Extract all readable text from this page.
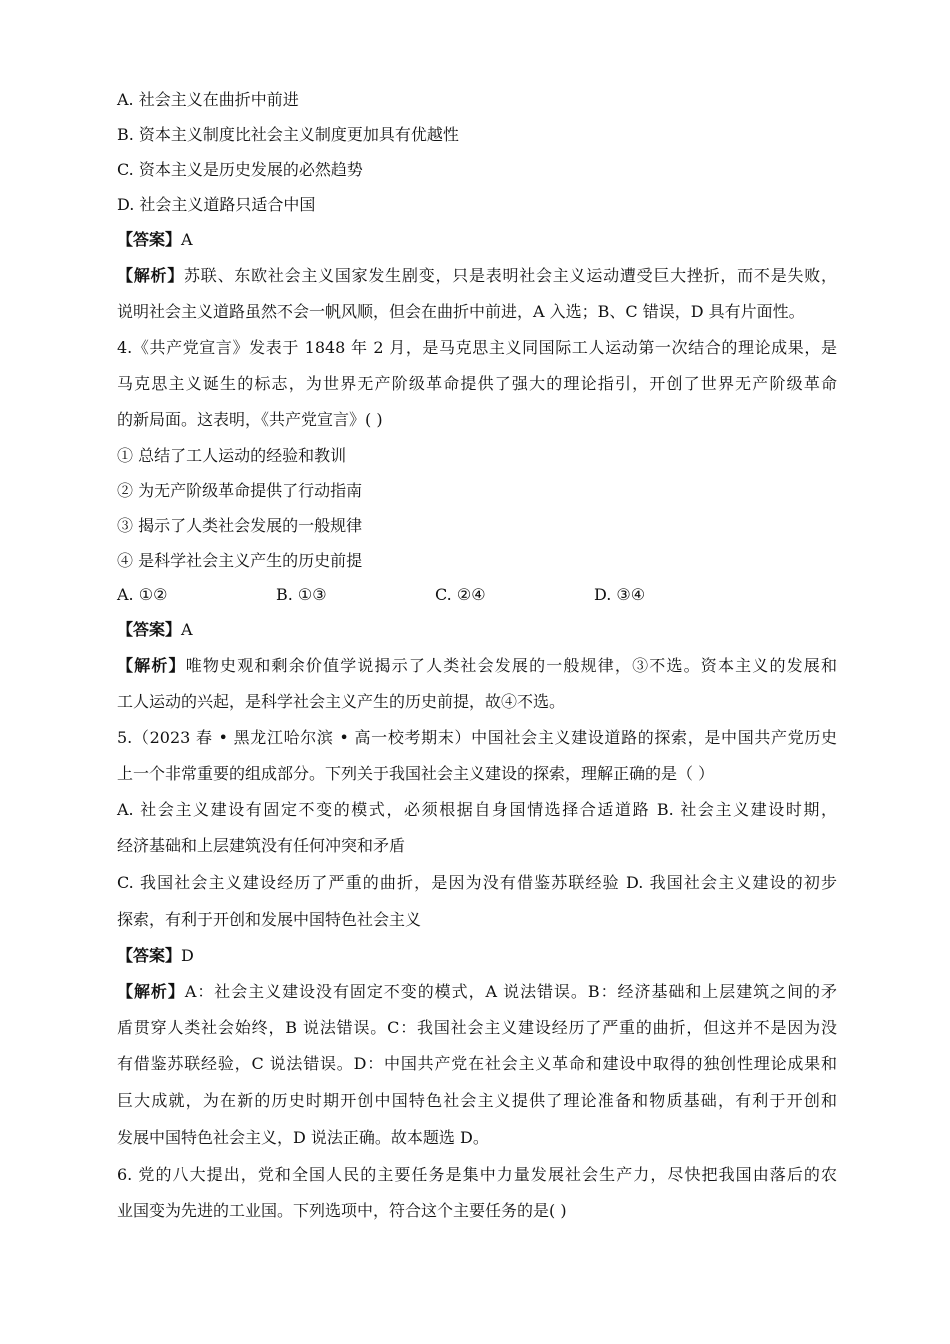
A. 社会主义在曲折中前进
B. 资本主义制度比社会主义制度更加具有优越性
C. 资本主义是历史发展的必然趋势
D. 社会主义道路只适合中国
【答案】A
【解析】苏联、东欧社会主义国家发生剧变，只是表明社会主义运动遭受巨大挫折，而不是失败，
说明社会主义道路虽然不会一帆风顺，但会在曲折中前进，A 入选；B、C 错误，D 具有片面性。
4.《共产党宣言》发表于 1848 年 2 月，是马克思主义同国际工人运动第一次结合的理论成果，是
马克思主义诞生的标志，为世界无产阶级革命提供了强大的理论指引，开创了世界无产阶级革命
的新局面。这表明，《共产党宣言》( )
① 总结了工人运动的经验和教训
② 为无产阶级革命提供了行动指南
③ 揭示了人类社会发展的一般规律
④ 是科学社会主义产生的历史前提
A. ①②	B. ①③	C. ②④	D. ③④
【答案】A
【解析】唯物史观和剩余价值学说揭示了人类社会发展的一般规律，③不选。资本主义的发展和
工人运动的兴起，是科学社会主义产生的历史前提，故④不选。
5.（2023 春 • 黑龙江哈尔滨 • 高一校考期末）中国社会主义建设道路的探索，是中国共产党历史
上一个非常重要的组成部分。下列关于我国社会主义建设的探索，理解正确的是（ ）
A. 社会主义建设有固定不变的模式，必须根据自身国情选择合适道路 B. 社会主义建设时期，
经济基础和上层建筑没有任何冲突和矛盾
C. 我国社会主义建设经历了严重的曲折，是因为没有借鉴苏联经验 D. 我国社会主义建设的初步
探索，有利于开创和发展中国特色社会主义
【答案】D
【解析】A：社会主义建设没有固定不变的模式，A 说法错误。B：经济基础和上层建筑之间的矛
盾贯穿人类社会始终，B 说法错误。C：我国社会主义建设经历了严重的曲折，但这并不是因为没
有借鉴苏联经验，C 说法错误。D：中国共产党在社会主义革命和建设中取得的独创性理论成果和
巨大成就，为在新的历史时期开创中国特色社会主义提供了理论准备和物质基础，有利于开创和
发展中国特色社会主义，D 说法正确。故本题选 D。
6. 党的八大提出，党和全国人民的主要任务是集中力量发展社会生产力，尽快把我国由落后的农
业国变为先进的工业国。下列选项中，符合这个主要任务的是( )
